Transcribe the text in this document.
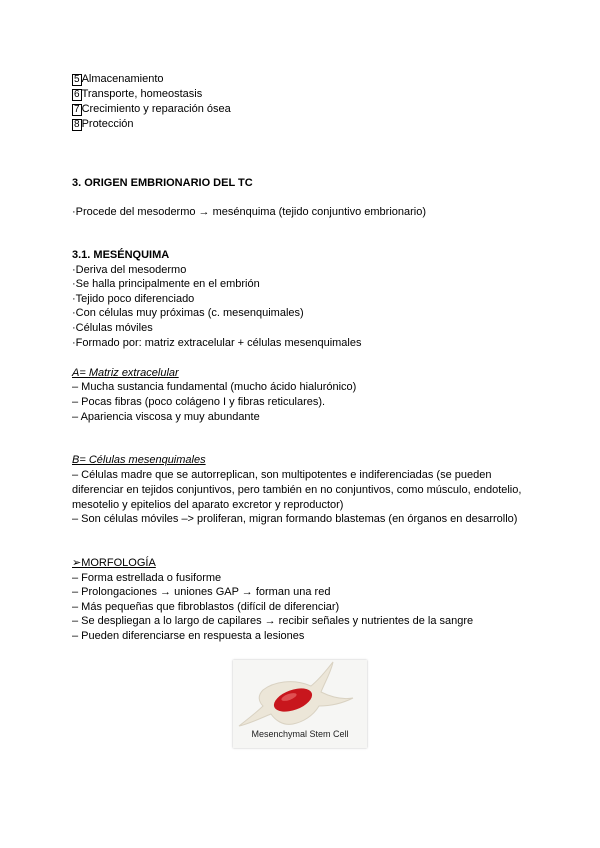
5 Almacenamiento
6 Transporte, homeostasis
7 Crecimiento y reparación ósea
8 Protección
3. ORIGEN EMBRIONARIO DEL TC
·Procede del mesodermo → mesénquima (tejido conjuntivo embrionario)
3.1. MESÉNQUIMA
·Deriva del mesodermo
·Se halla principalmente en el embrión
·Tejido poco diferenciado
·Con células muy próximas (c. mesenquimales)
·Células móviles
·Formado por: matriz extracelular + células mesenquimales
A= Matriz extracelular
– Mucha sustancia fundamental (mucho ácido hialurónico)
– Pocas fibras (poco colágeno I y fibras reticulares).
– Apariencia viscosa y muy abundante
B= Células mesenquimales
– Células madre que se autorreplican, son multipotentes e indiferenciadas (se pueden diferenciar en tejidos conjuntivos, pero también en no conjuntivos, como músculo, endotelio, mesotelio y epitelios del aparato excretor y reproductor)
– Son células móviles –> proliferan, migran formando blastemas (en órganos en desarrollo)
➢MORFOLOGÍA
– Forma estrellada o fusiforme
– Prolongaciones → uniones GAP → forman una red
– Más pequeñas que fibroblastos (difícil de diferenciar)
– Se despliegan a lo largo de capilares → recibir señales y nutrientes de la sangre
– Pueden diferenciarse en respuesta a lesiones
Mesenchymal Stem Cell
